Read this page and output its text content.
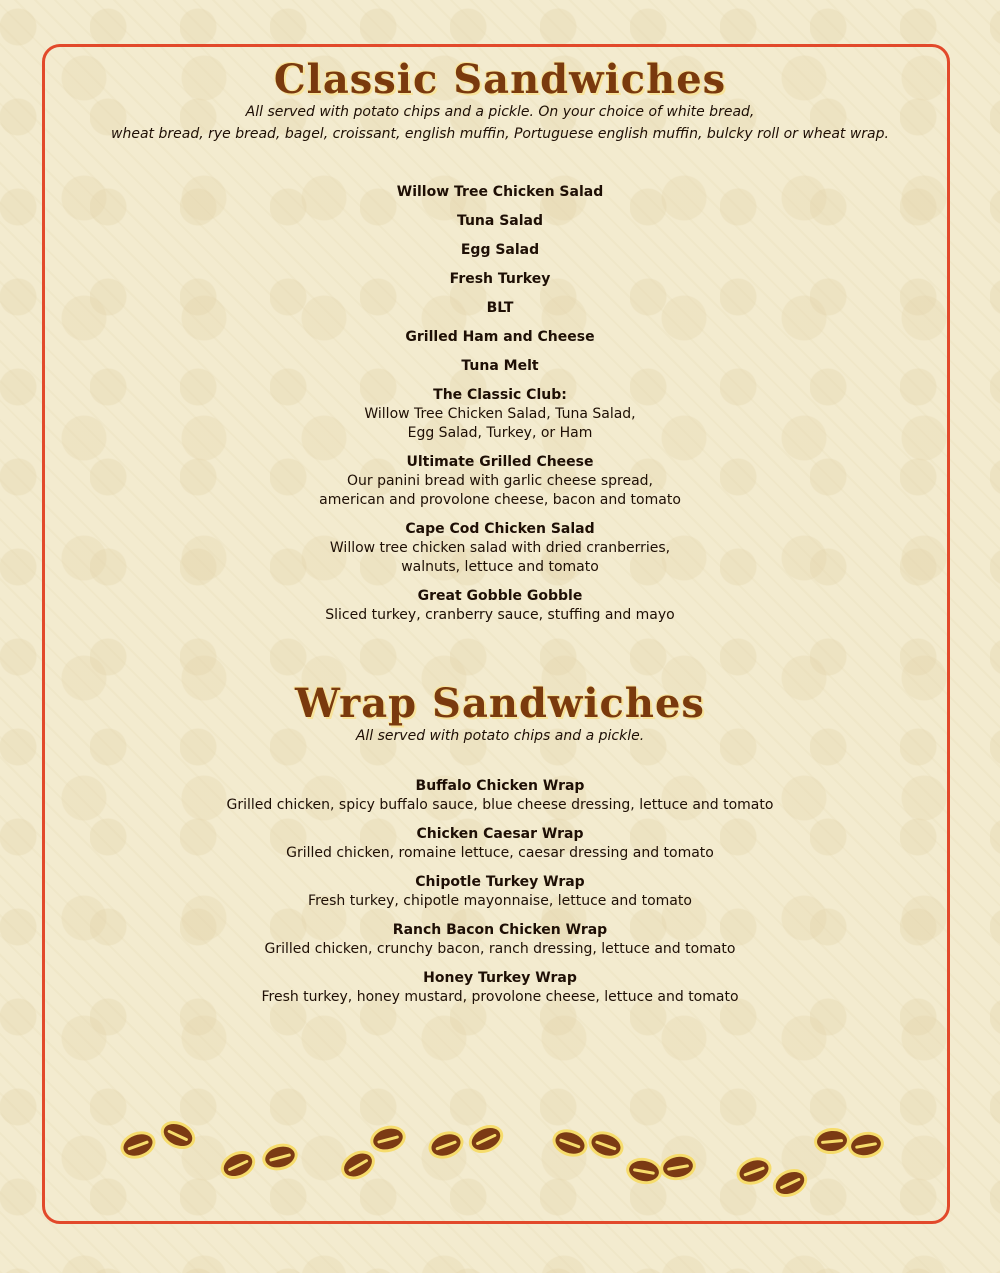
Classic Sandwiches
All served with potato chips and a pickle. On your choice of white bread,
wheat bread, rye bread, bagel, croissant, english muffin, Portuguese english muffin, bulcky roll or wheat wrap.
Willow Tree Chicken Salad
Tuna Salad
Egg Salad
Fresh Turkey
BLT
Grilled Ham and Cheese
Tuna Melt
The Classic Club:
Willow Tree Chicken Salad, Tuna Salad,
Egg Salad, Turkey, or Ham
Ultimate Grilled Cheese
Our panini bread with garlic cheese spread,
american and provolone cheese, bacon and tomato
Cape Cod Chicken Salad
Willow tree chicken salad with dried cranberries,
walnuts, lettuce and tomato
Great Gobble Gobble
Sliced turkey, cranberry sauce, stuffing and mayo
Wrap Sandwiches
All served with potato chips and a pickle.
Buffalo Chicken Wrap
Grilled chicken, spicy buffalo sauce, blue cheese dressing, lettuce and tomato
Chicken Caesar Wrap
Grilled chicken, romaine lettuce, caesar dressing and tomato
Chipotle Turkey Wrap
Fresh turkey, chipotle mayonnaise, lettuce and tomato
Ranch Bacon Chicken Wrap
Grilled chicken, crunchy bacon, ranch dressing, lettuce and tomato
Honey Turkey Wrap
Fresh turkey, honey mustard, provolone cheese, lettuce and tomato
